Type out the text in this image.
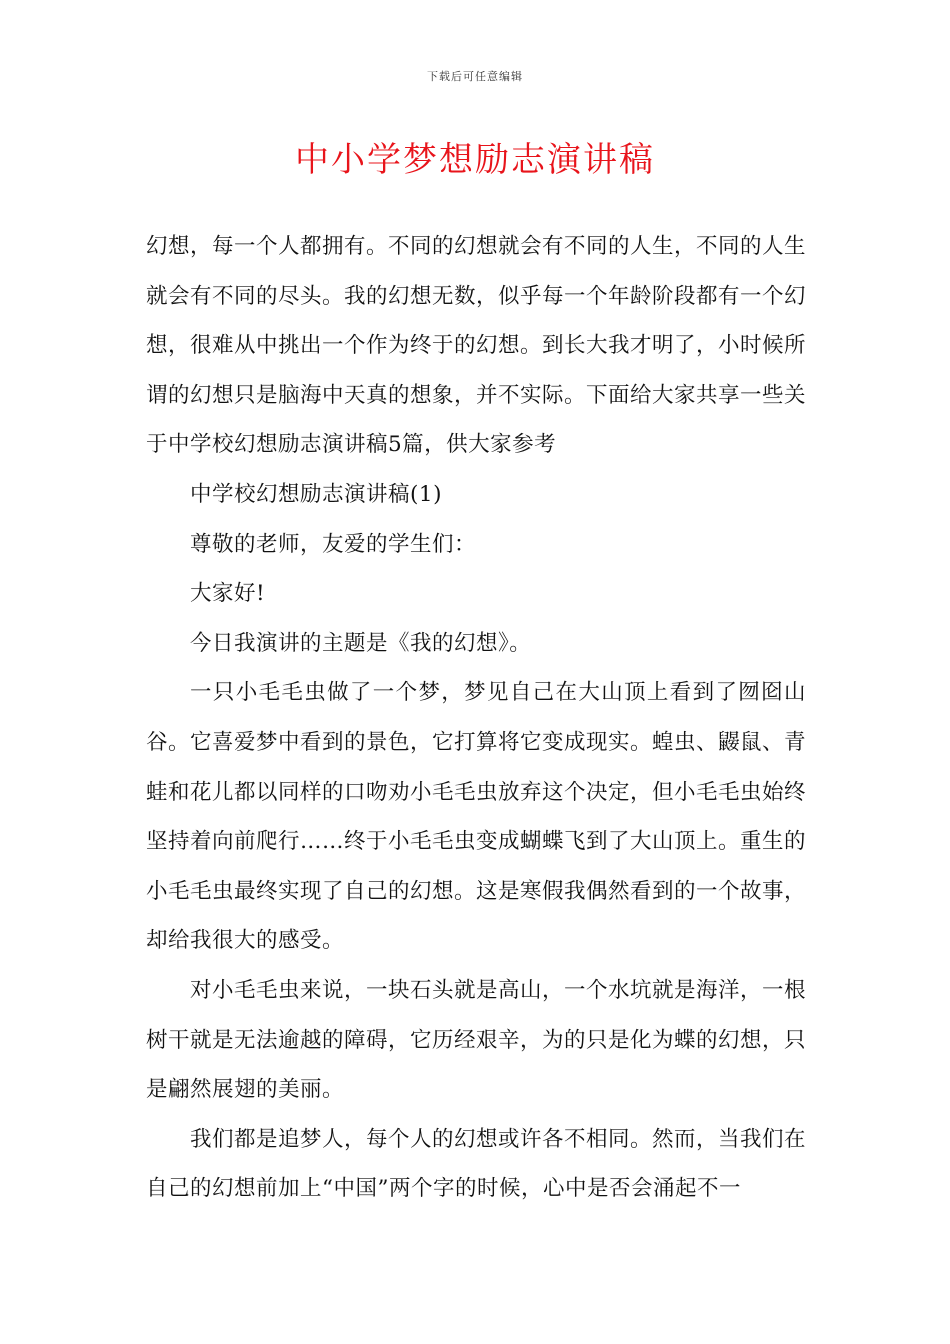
下载后可任意编辑
中小学梦想励志演讲稿

幻想，每一个人都拥有。不同的幻想就会有不同的人生，不同的人生就会有不同的尽头。我的幻想无数，似乎每一个年龄阶段都有一个幻想，很难从中挑出一个作为终于的幻想。到长大我才明了，小时候所谓的幻想只是脑海中天真的想象，并不实际。下面给大家共享一些关于中学校幻想励志演讲稿5篇，供大家参考

中学校幻想励志演讲稿(1)

尊敬的老师，友爱的学生们：

大家好!

今日我演讲的主题是《我的幻想》。

一只小毛毛虫做了一个梦，梦见自己在大山顶上看到了囫囵山谷。它喜爱梦中看到的景色，它打算将它变成现实。蝗虫、鼹鼠、青蛙和花儿都以同样的口吻劝小毛毛虫放弃这个决定，但小毛毛虫始终坚持着向前爬行……终于小毛毛虫变成蝴蝶飞到了大山顶上。重生的小毛毛虫最终实现了自己的幻想。这是寒假我偶然看到的一个故事，却给我很大的感受。

对小毛毛虫来说，一块石头就是高山，一个水坑就是海洋，一根树干就是无法逾越的障碍，它历经艰辛，为的只是化为蝶的幻想，只是翩然展翅的美丽。

我们都是追梦人，每个人的幻想或许各不相同。然而，当我们在自己的幻想前加上“中国”两个字的时候，心中是否会涌起不一
